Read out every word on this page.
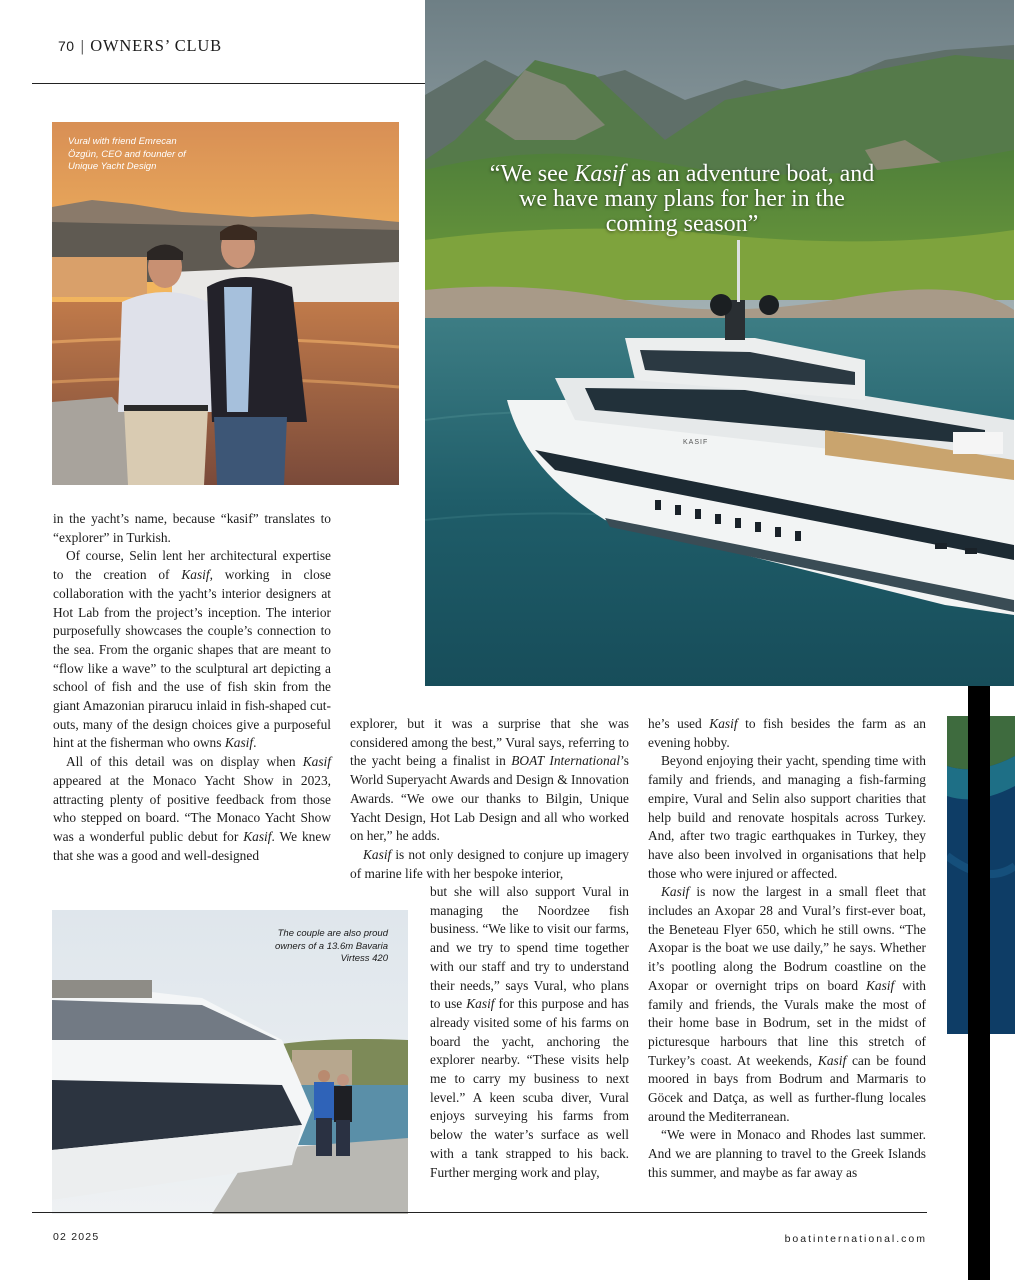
70 | OWNERS’ CLUB
KASIF
“We see Kasif as an adventure boat, and we have many plans for her in the coming season”
Vural with friend Emrecan Özgün, CEO and founder of Unique Yacht Design

in the yacht’s name, because “kasif” translates to “explorer” in Turkish.

Of course, Selin lent her architectural expertise to the creation of Kasif, working in close collaboration with the yacht’s interior designers at Hot Lab from the project’s inception. The interior purposefully showcases the couple’s connection to the sea. From the organic shapes that are meant to “flow like a wave” to the sculptural art depicting a school of fish and the use of fish skin from the giant Amazonian pirarucu inlaid in fish-shaped cut-outs, many of the design choices give a purposeful hint at the fisherman who owns Kasif.

All of this detail was on display when Kasif appeared at the Monaco Yacht Show in 2023, attracting plenty of positive feedback from those who stepped on board. “The Monaco Yacht Show was a wonderful public debut for Kasif. We knew that she was a good and well-designed

explorer, but it was a surprise that she was considered among the best,” Vural says, referring to the yacht being a finalist in BOAT International’s World Superyacht Awards and Design & Innovation Awards. “We owe our thanks to Bilgin, Unique Yacht Design, Hot Lab Design and all who worked on her,” he adds.

Kasif is not only designed to conjure up imagery of marine life with her bespoke interior,

but she will also support Vural in managing the Noordzee fish business. “We like to visit our farms, and we try to spend time together with our staff and try to understand their needs,” says Vural, who plans to use Kasif for this purpose and has already visited some of his farms on board the yacht, anchoring the explorer nearby. “These visits help me to carry my business to next level.” A keen scuba diver, Vural enjoys surveying his farms from below the water’s surface as well with a tank strapped to his back. Further merging work and play,

he’s used Kasif to fish besides the farm as an evening hobby.

Beyond enjoying their yacht, spending time with family and friends, and managing a fish-farming empire, Vural and Selin also support charities that help build and renovate hospitals across Turkey. And, after two tragic earthquakes in Turkey, they have also been involved in organisations that help those who were injured or affected.

Kasif is now the largest in a small fleet that includes an Axopar 28 and Vural’s first-ever boat, the Beneteau Flyer 650, which he still owns. “The Axopar is the boat we use daily,” he says. Whether it’s pootling along the Bodrum coastline on the Axopar or overnight trips on board Kasif with family and friends, the Vurals make the most of their home base in Bodrum, set in the midst of picturesque harbours that line this stretch of Turkey’s coast. At weekends, Kasif can be found moored in bays from Bodrum and Marmaris to Göcek and Datça, as well as further-flung locales around the Mediterranean.

“We were in Monaco and Rhodes last summer. And we are planning to travel to the Greek Islands this summer, and maybe as far away as

The couple are also proud owners of a 13.6m Bavaria Virtess 420
02 2025	boatinternational.com
